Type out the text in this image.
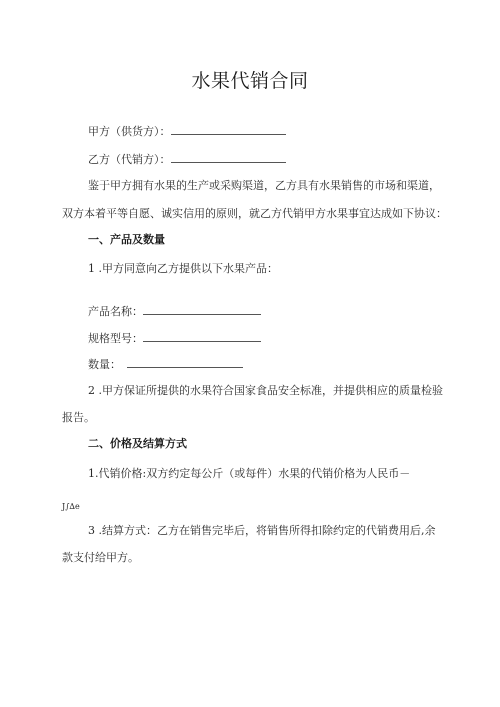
水果代销合同
甲方（供货方）：
乙方（代销方）：
鉴于甲方拥有水果的生产或采购渠道，乙方具有水果销售的市场和渠道，
双方本着平等自愿、诚实信用的原则，就乙方代销甲方水果事宜达成如下协议：
一、产品及数量
1 .甲方同意向乙方提供以下水果产品：
产品名称：
规格型号：
数量：
2 .甲方保证所提供的水果符合国家食品安全标准，并提供相应的质量检验
报告。
二、价格及结算方式
1.代销价格:双方约定每公斤（或每件）水果的代销价格为人民币－
J∫∆e
3 .结算方式：乙方在销售完毕后，将销售所得扣除约定的代销费用后,余
款支付给甲方。
